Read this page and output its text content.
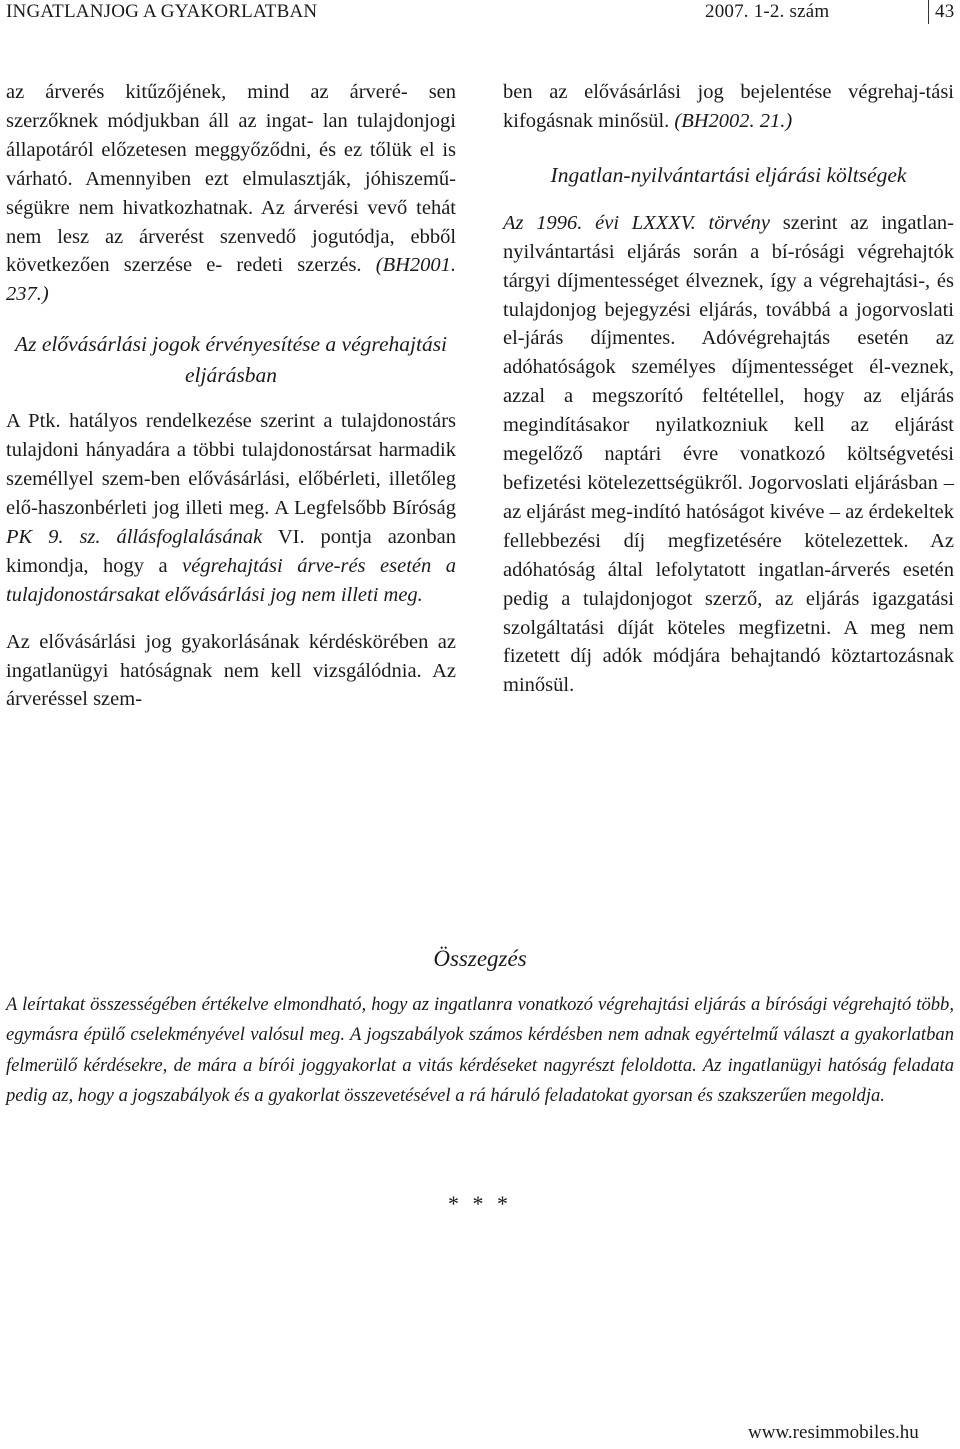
INGATLANJOG A GYAKORLATBAN	2007. 1-2. szám	43

az árverés kitűzőjének, mind az árveré- sen szerzőknek módjukban áll az ingat- lan tulajdonjogi állapotáról előzetesen meggyőződni, és ez tőlük el is várható. Amennyiben ezt elmulasztják, jóhiszemű- ségükre nem hivatkozhatnak. Az árverési vevő tehát nem lesz az árverést szenvedő jogutódja, ebből következően szerzése e- redeti szerzés. (BH2001. 237.)

Az elővásárlási jogok érvényesítése a végrehajtási eljárásban

A Ptk. hatályos rendelkezése szerint a tulajdonostárs tulajdoni hányadára a többi tulajdonostársat harmadik személlyel szem-ben elővásárlási, előbérleti, illetőleg elő-haszonbérleti jog illeti meg. A Legfelsőbb Bíróság PK 9. sz. állásfoglalásának VI. pontja azonban kimondja, hogy a végrehajtási árve-rés esetén a tulajdonostársakat elővásárlási jog nem illeti meg.

Az elővásárlási jog gyakorlásának kérdéskörében az ingatlanügyi hatóságnak nem kell vizsgálódnia. Az árveréssel szem-

ben az elővásárlási jog bejelentése végrehaj-tási kifogásnak minősül. (BH2002. 21.)

Ingatlan-nyilvántartási eljárási költségek

Az 1996. évi LXXXV. törvény szerint az ingatlan-nyilvántartási eljárás során a bí-rósági végrehajtók tárgyi díjmentességet élveznek, így a végrehajtási-, és tulajdonjog bejegyzési eljárás, továbbá a jogorvoslati el-járás díjmentes. Adóvégrehajtás esetén az adóhatóságok személyes díjmentességet él-veznek, azzal a megszorító feltétellel, hogy az eljárás megindításakor nyilatkozniuk kell az eljárást megelőző naptári évre vonatkozó költségvetési befizetési kötelezettségükről. Jogorvoslati eljárásban – az eljárást meg-indító hatóságot kivéve – az érdekeltek fellebbezési díj megfizetésére kötelezettek. Az adóhatóság által lefolytatott ingatlan-árverés esetén pedig a tulajdonjogot szerző, az eljárás igazgatási szolgáltatási díját köteles megfizetni. A meg nem fizetett díj adók módjára behajtandó köztartozásnak minősül.

Összegzés

A leírtakat összességében értékelve elmondható, hogy az ingatlanra vonatkozó végrehajtási eljárás a bírósági végrehajtó több, egymásra épülő cselekményével valósul meg. A jogszabályok számos kérdésben nem adnak egyértelmű választ a gyakorlatban felmerülő kérdésekre, de mára a bírói joggyakorlat a vitás kérdéseket nagyrészt feloldotta. Az ingatlanügyi hatóság feladata pedig az, hogy a jogszabályok és a gyakorlat összevetésével a rá háruló feladatokat gyorsan és szakszerűen megoldja.

* * *
www.resimmobiles.hu
